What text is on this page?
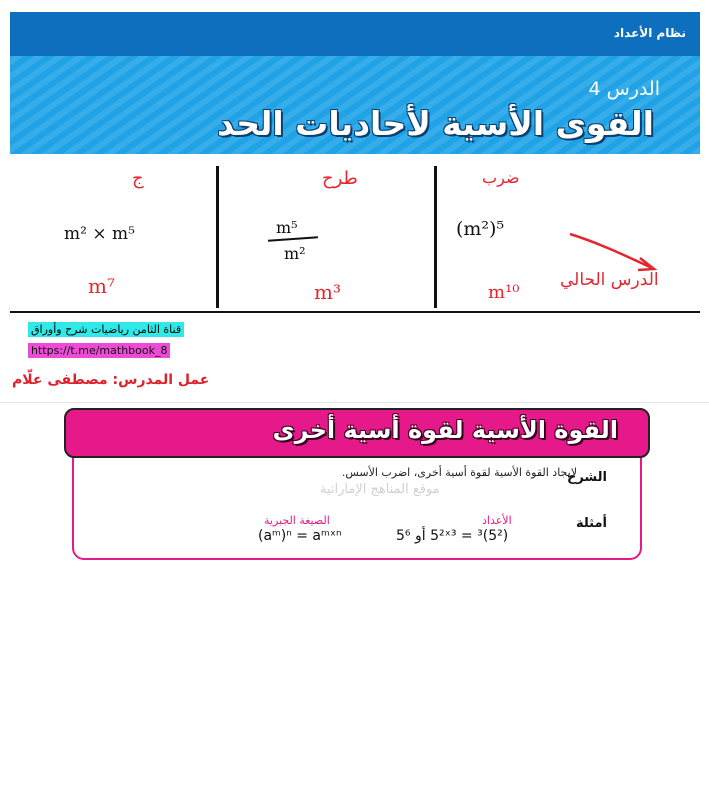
نظام الأعداد
الدرس 4
القوى الأسية لأحاديات الحد
ج
m² × m⁵
m⁷
طرح
m⁵
m²
m³
ضرب
(m²)⁵
m¹⁰
الدرس الحالي
قناة الثامن رياضيات شرح وأوراق
https://t.me/mathbook_8
عمل المدرس: مصطفى علّام
القوة الأسية لقوة أسية أخرى
الشرح
لإيجاد القوة الأسية لقوة أسية أخرى، اضرب الأسس.
موقع المناهج الإماراتية
أمثلة
الأعداد
الصيغة الجبرية
(5²)³ = 5²ˣ³ أو 5⁶
(aᵐ)ⁿ = aᵐˣⁿ
